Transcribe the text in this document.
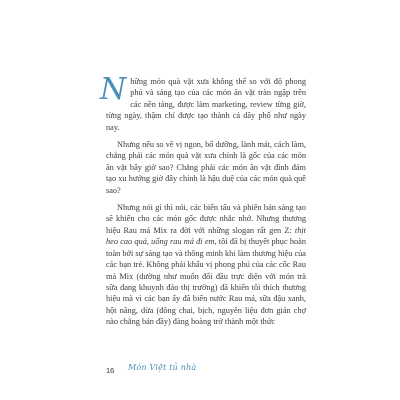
Những món quà vặt xưa không thể so với độ phong phú và sáng tạo của các món ăn vặt tràn ngập trên các nền tảng, được làm marketing, review từng giờ, từng ngày, thậm chí được tạo thành cả dãy phố như ngày nay.

Nhưng nếu so về vị ngon, bổ dưỡng, lành mát, cách làm, chẳng phải các món quà vặt xưa chính là gốc của các món ăn vặt bây giờ sao? Chẳng phải các món ăn vặt đình đám tạo xu hướng giờ đây chính là hậu duệ của các món quà quê sao?

Nhưng nói gì thì nói, các biến tấu và phiên bản sáng tạo sẽ khiến cho các món gốc được nhắc nhớ. Nhưng thương hiệu Rau má Mix ra đời với những slogan rất gen Z: thịt heo cao quá, uống rau má đi em, tôi đã bị thuyết phục hoàn toàn bởi sự sáng tạo và thông minh khi làm thương hiệu của các bạn trẻ. Không phải khẩu vị phong phú của các cốc Rau má Mix (dường như muốn đổi đầu trực diện với món trà sữa đang khuynh đảo thị trường) đã khiến tôi thích thương hiệu mà vì các bạn ấy đã biến nước Rau má, sữa đậu xanh, hột năng, dừa (đông chai, bịch, nguyên liệu đơn giản chợ nào chẳng bán đầy) đàng hoàng trở thành một thức

16 Món Việt tủ nhà
